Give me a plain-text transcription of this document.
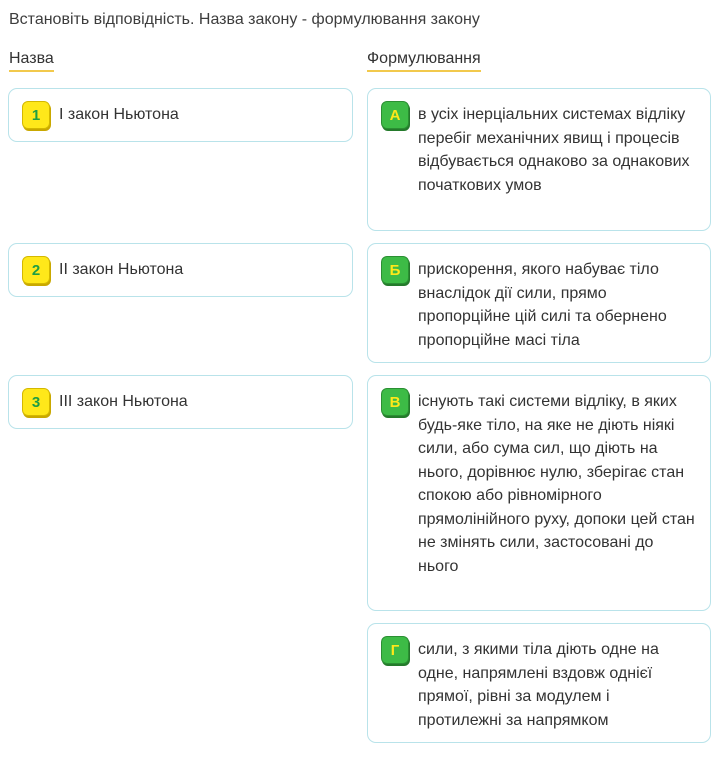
Встановіть відповідність. Назва закону - формулювання закону
Назва	Формулювання
1	I закон Ньютона
2	II закон Ньютона
3	III закон Ньютона
А	в усіх інерціальних системах відліку перебіг механічних явищ і процесів відбувається однаково за однакових початкових умов
Б	прискорення, якого набуває тіло внаслідок дії сили, прямо пропорційне цій силі та обернено пропорційне масі тіла
В	існують такі системи відліку, в яких будь-яке тіло, на яке не діють ніякі сили, або сума сил, що діють на нього, дорівнює нулю, зберігає стан спокою або рівномірного прямолінійного руху, допоки цей стан не змінять сили, застосовані до нього
Г	сили, з якими тіла діють одне на одне, напрямлені вздовж однієї прямої, рівні за модулем і протилежні за напрямком
